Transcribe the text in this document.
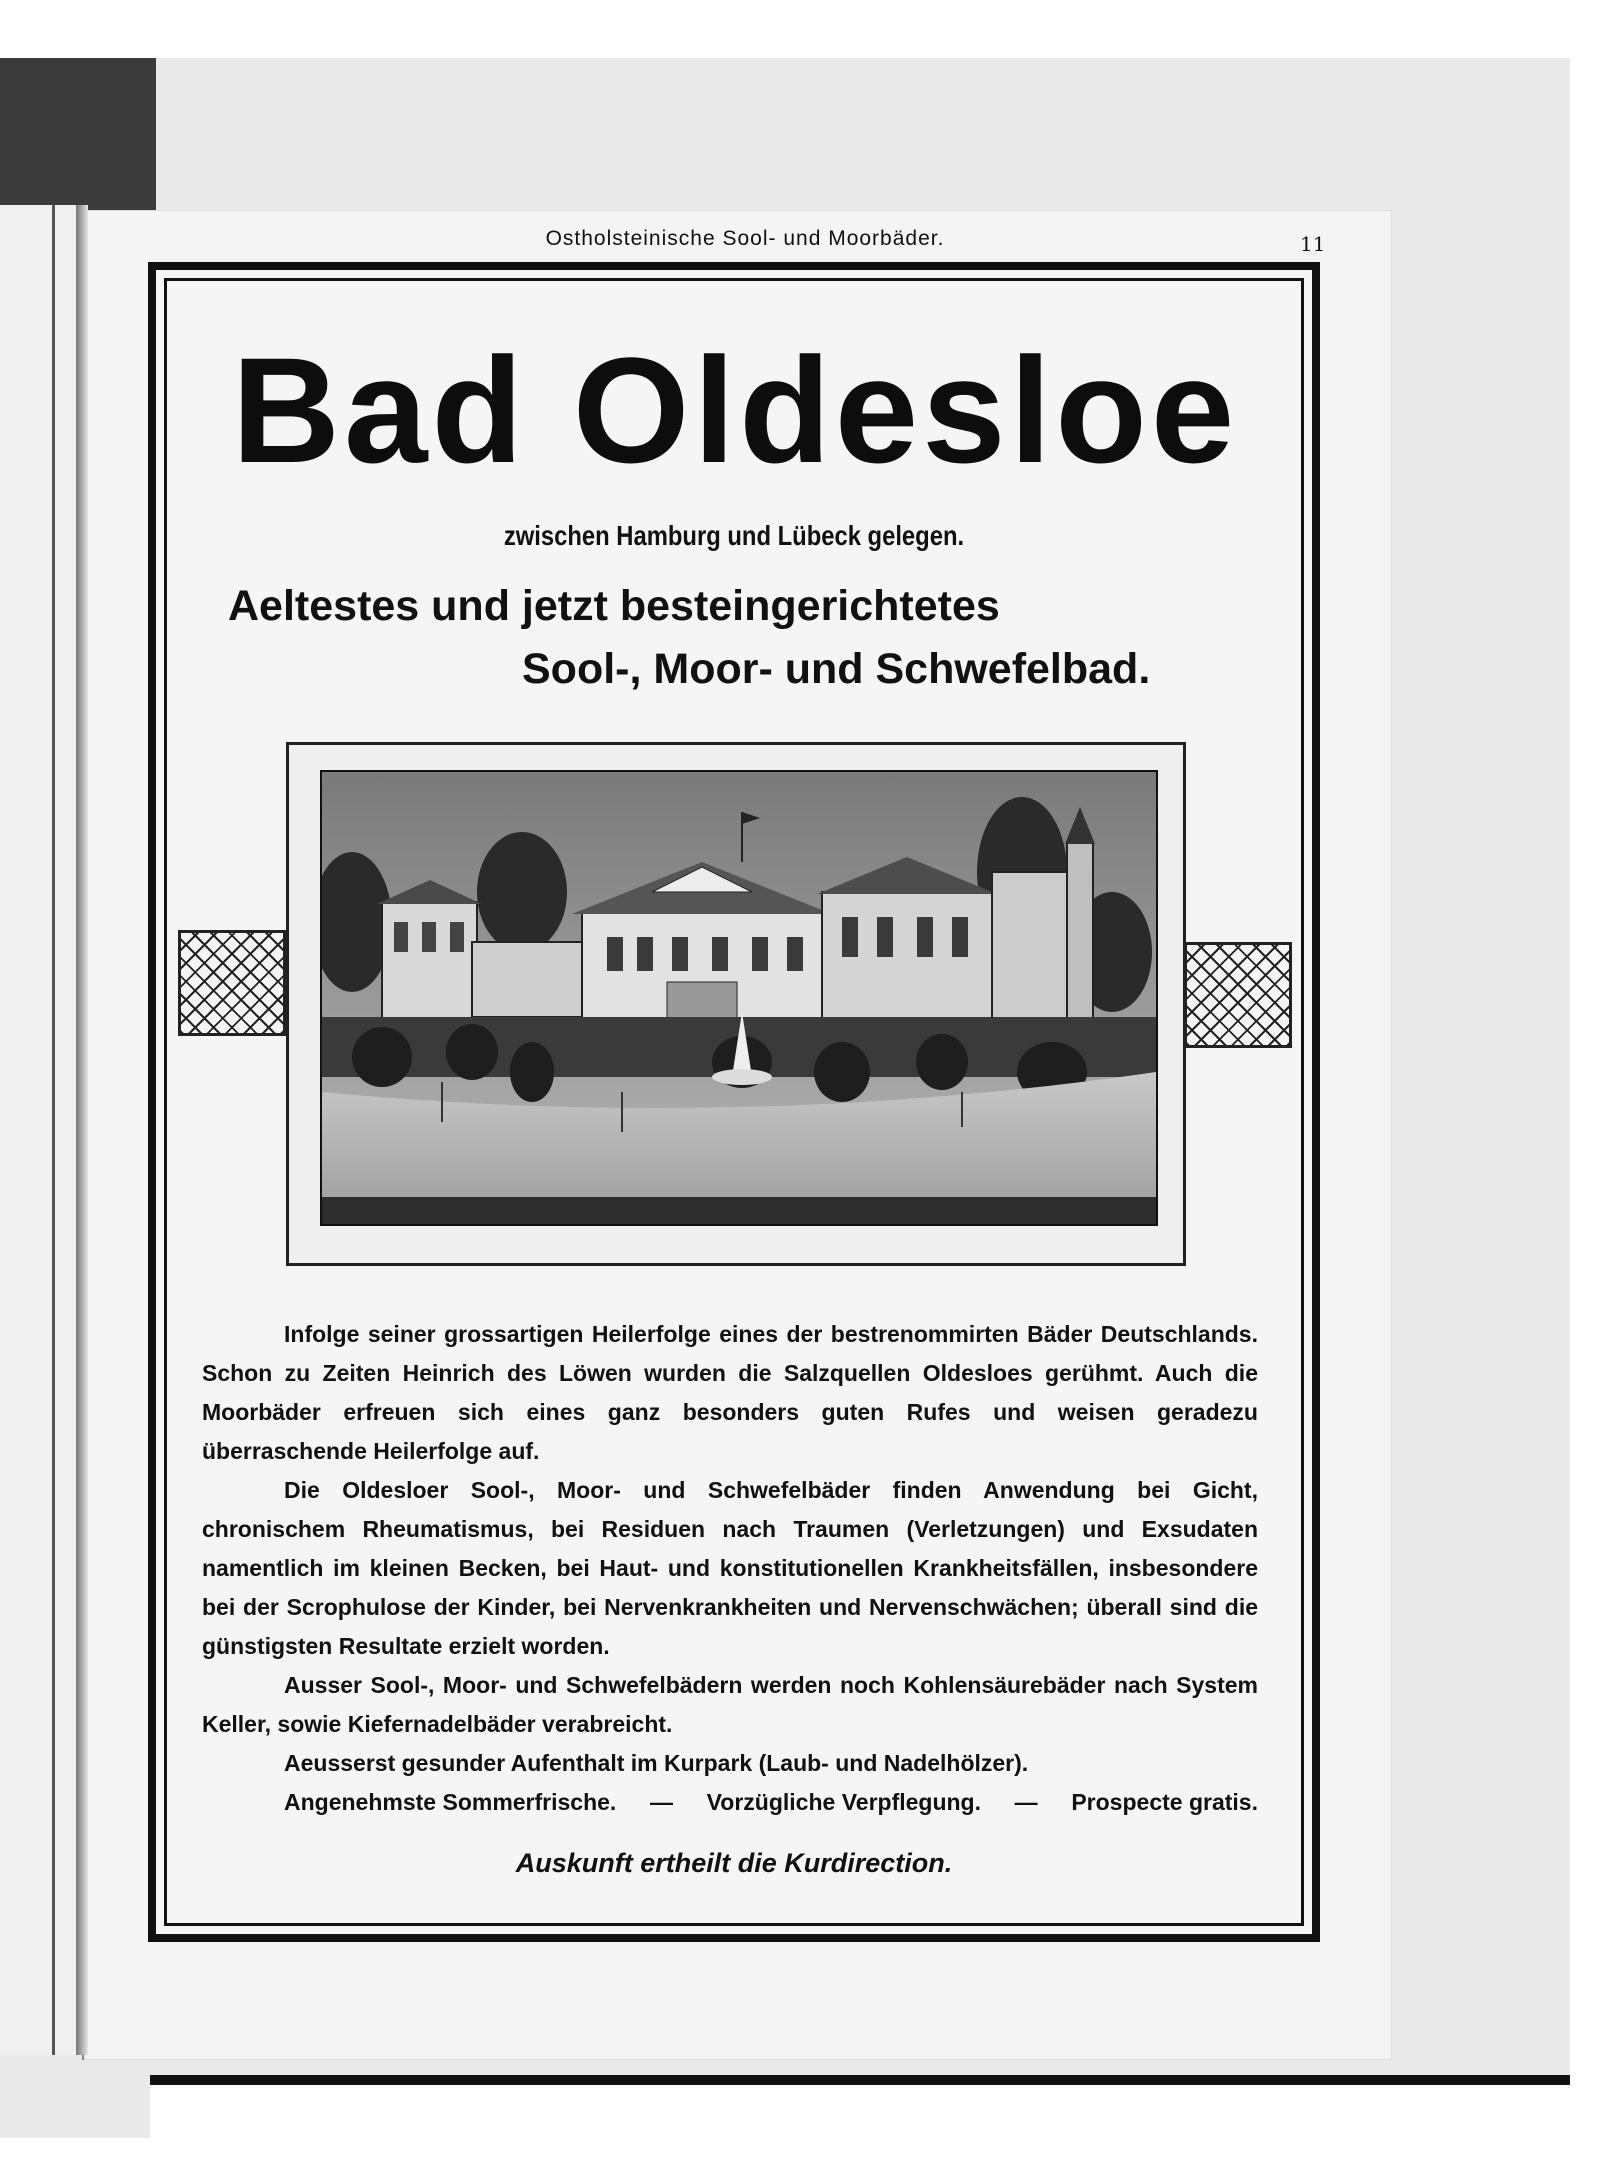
Ostholsteinische Sool- und Moorbäder.	11
Bad Oldesloe
zwischen Hamburg und Lübeck gelegen.
Aeltestes und jetzt besteingerichtetes
Sool-, Moor- und Schwefelbad.

Infolge seiner grossartigen Heilerfolge eines der bestrenommirten Bäder Deutschlands. Schon zu Zeiten Heinrich des Löwen wurden die Salzquellen Oldesloes gerühmt. Auch die Moorbäder erfreuen sich eines ganz besonders guten Rufes und weisen geradezu überraschende Heilerfolge auf.

Die Oldesloer Sool-, Moor- und Schwefelbäder finden Anwendung bei Gicht, chronischem Rheumatismus, bei Residuen nach Traumen (Verletzungen) und Exsudaten namentlich im kleinen Becken, bei Haut- und konstitutionellen Krankheitsfällen, insbesondere bei der Scrophulose der Kinder, bei Nervenkrankheiten und Nervenschwächen; überall sind die günstigsten Resultate erzielt worden.

Ausser Sool-, Moor- und Schwefelbädern werden noch Kohlensäurebäder nach System Keller, sowie Kiefernadelbäder verabreicht.

Aeusserst gesunder Aufenthalt im Kurpark (Laub- und Nadelhölzer).

Angenehmste Sommerfrische. — Vorzügliche Verpflegung. — Prospecte gratis.
Auskunft ertheilt die Kurdirection.
